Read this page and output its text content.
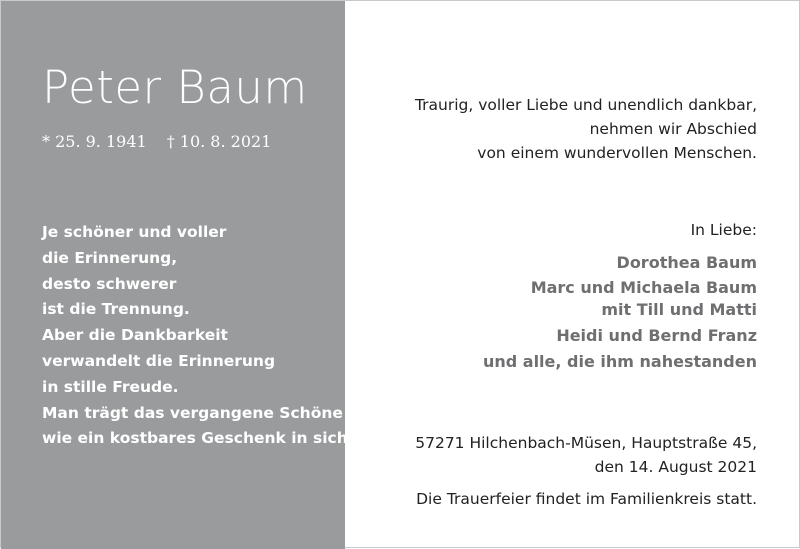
Peter Baum
* 25. 9. 1941 † 10. 8. 2021
Je schöner und voller
die Erinnerung,
desto schwerer
ist die Trennung.
Aber die Dankbarkeit
verwandelt die Erinnerung
in stille Freude.
Man trägt das vergangene Schöne
wie ein kostbares Geschenk in sich.
Traurig, voller Liebe und unendlich dankbar,
nehmen wir Abschied
von einem wundervollen Menschen.
In Liebe:
Dorothea Baum
Marc und Michaela Baum
mit Till und Matti
Heidi und Bernd Franz
und alle, die ihm nahestanden
57271 Hilchenbach-Müsen, Hauptstraße 45,
den 14. August 2021
Die Trauerfeier findet im Familienkreis statt.
